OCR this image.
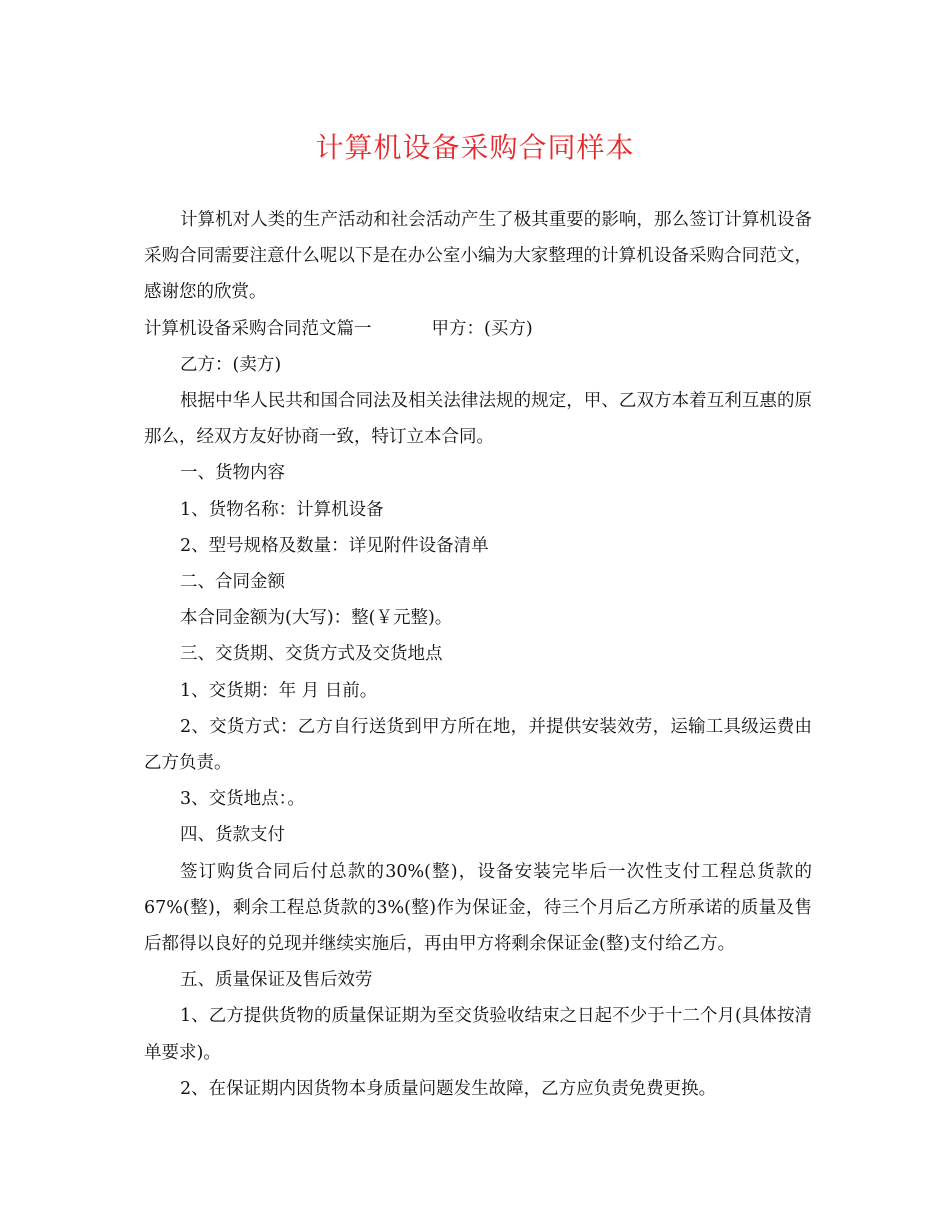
计算机设备采购合同样本

计算机对人类的生产活动和社会活动产生了极其重要的影响，那么签订计算机设备采购合同需要注意什么呢以下是在办公室小编为大家整理的计算机设备采购合同范文，感谢您的欣赏。

计算机设备采购合同范文篇一	甲方：(买方)

乙方：(卖方)

根据中华人民共和国合同法及相关法律法规的规定，甲、乙双方本着互利互惠的原那么，经双方友好协商一致，特订立本合同。

一、货物内容

1、货物名称：计算机设备

2、型号规格及数量：详见附件设备清单

二、合同金额

本合同金额为(大写)：整(￥元整)。

三、交货期、交货方式及交货地点

1、交货期：年 月 日前。

2、交货方式：乙方自行送货到甲方所在地，并提供安装效劳，运输工具级运费由乙方负责。

3、交货地点：。

四、货款支付

签订购货合同后付总款的30%(整)，设备安装完毕后一次性支付工程总货款的67%(整)，剩余工程总货款的3%(整)作为保证金，待三个月后乙方所承诺的质量及售后都得以良好的兑现并继续实施后，再由甲方将剩余保证金(整)支付给乙方。

五、质量保证及售后效劳

1、乙方提供货物的质量保证期为至交货验收结束之日起不少于十二个月(具体按清单要求)。

2、在保证期内因货物本身质量问题发生故障，乙方应负责免费更换。
